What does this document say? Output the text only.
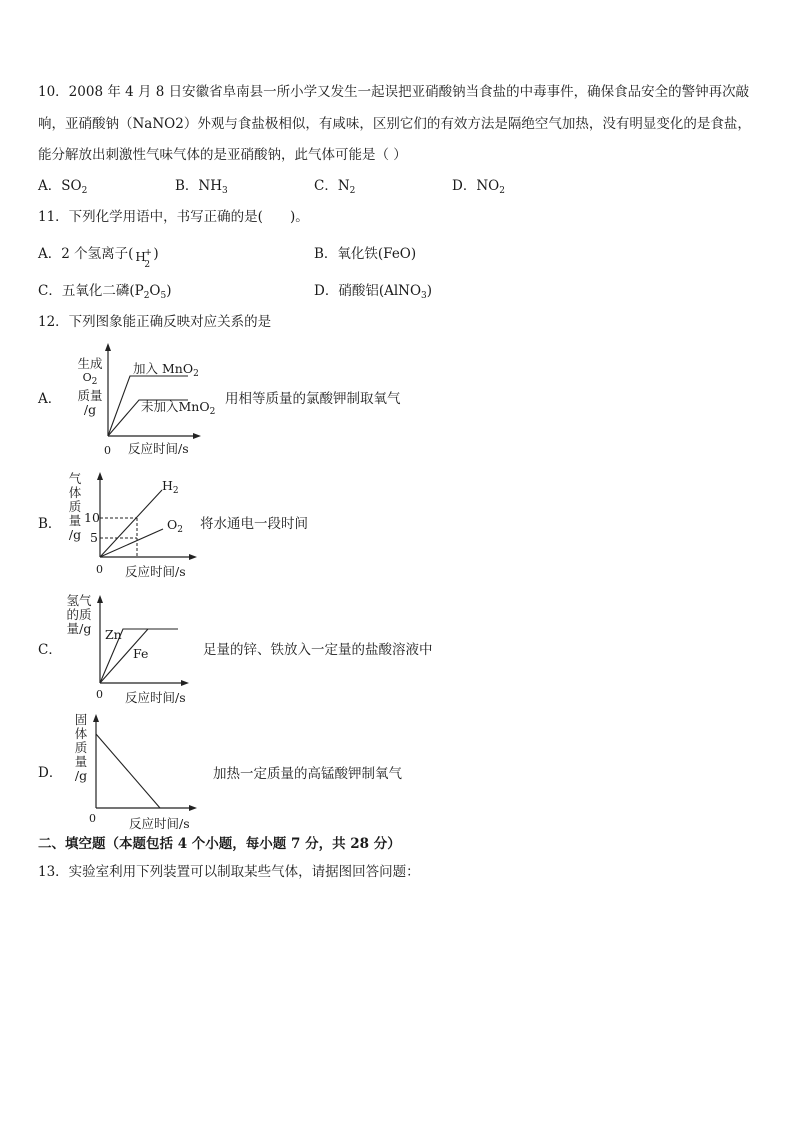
10．2008 年 4 月 8 日安徽省阜南县一所小学又发生一起误把亚硝酸钠当食盐的中毒事件，确保食品安全的警钟再次敲
响，亚硝酸钠（NaNO2）外观与食盐极相似，有咸味，区别它们的有效方法是隔绝空气加热，没有明显变化的是食盐，
能分解放出刺激性气味气体的是亚硝酸钠，此气体可能是（ ）
A．$SO_2$	B．$NH_3$	C．$N_2$	D．$NO_2$
11．下列化学用语中，书写正确的是(　　)。
A．2 个氢离子( H
+
2
)	B．氧化铁(FeO)
C．五氧化二磷$(P_2O_5)$	D．硝酸铝(AlNO$_3$)
12．下列图象能正确反映对应关系的是
A．
生成
$O_2$
质量
/g
加入 MnO$_2$
未加入MnO$_2$
0 反应时间/s
用相等质量的氯酸钾制取氧气
B．
气
体
质
量
/g
10
5
$H_2$
$O_2$
0 反应时间/s
将水通电一段时间
C．
氢气
的质
量/g	Zn
Fe
0 反应时间/s
足量的锌、铁放入一定量的盐酸溶液中
D．
固
体
质
量
/g
0	反应时间/s
加热一定质量的高锰酸钾制氧气
二、填空题（本题包括 4 个小题，每小题 7 分，共 28 分）
13．实验室利用下列装置可以制取某些气体，请据图回答问题：
